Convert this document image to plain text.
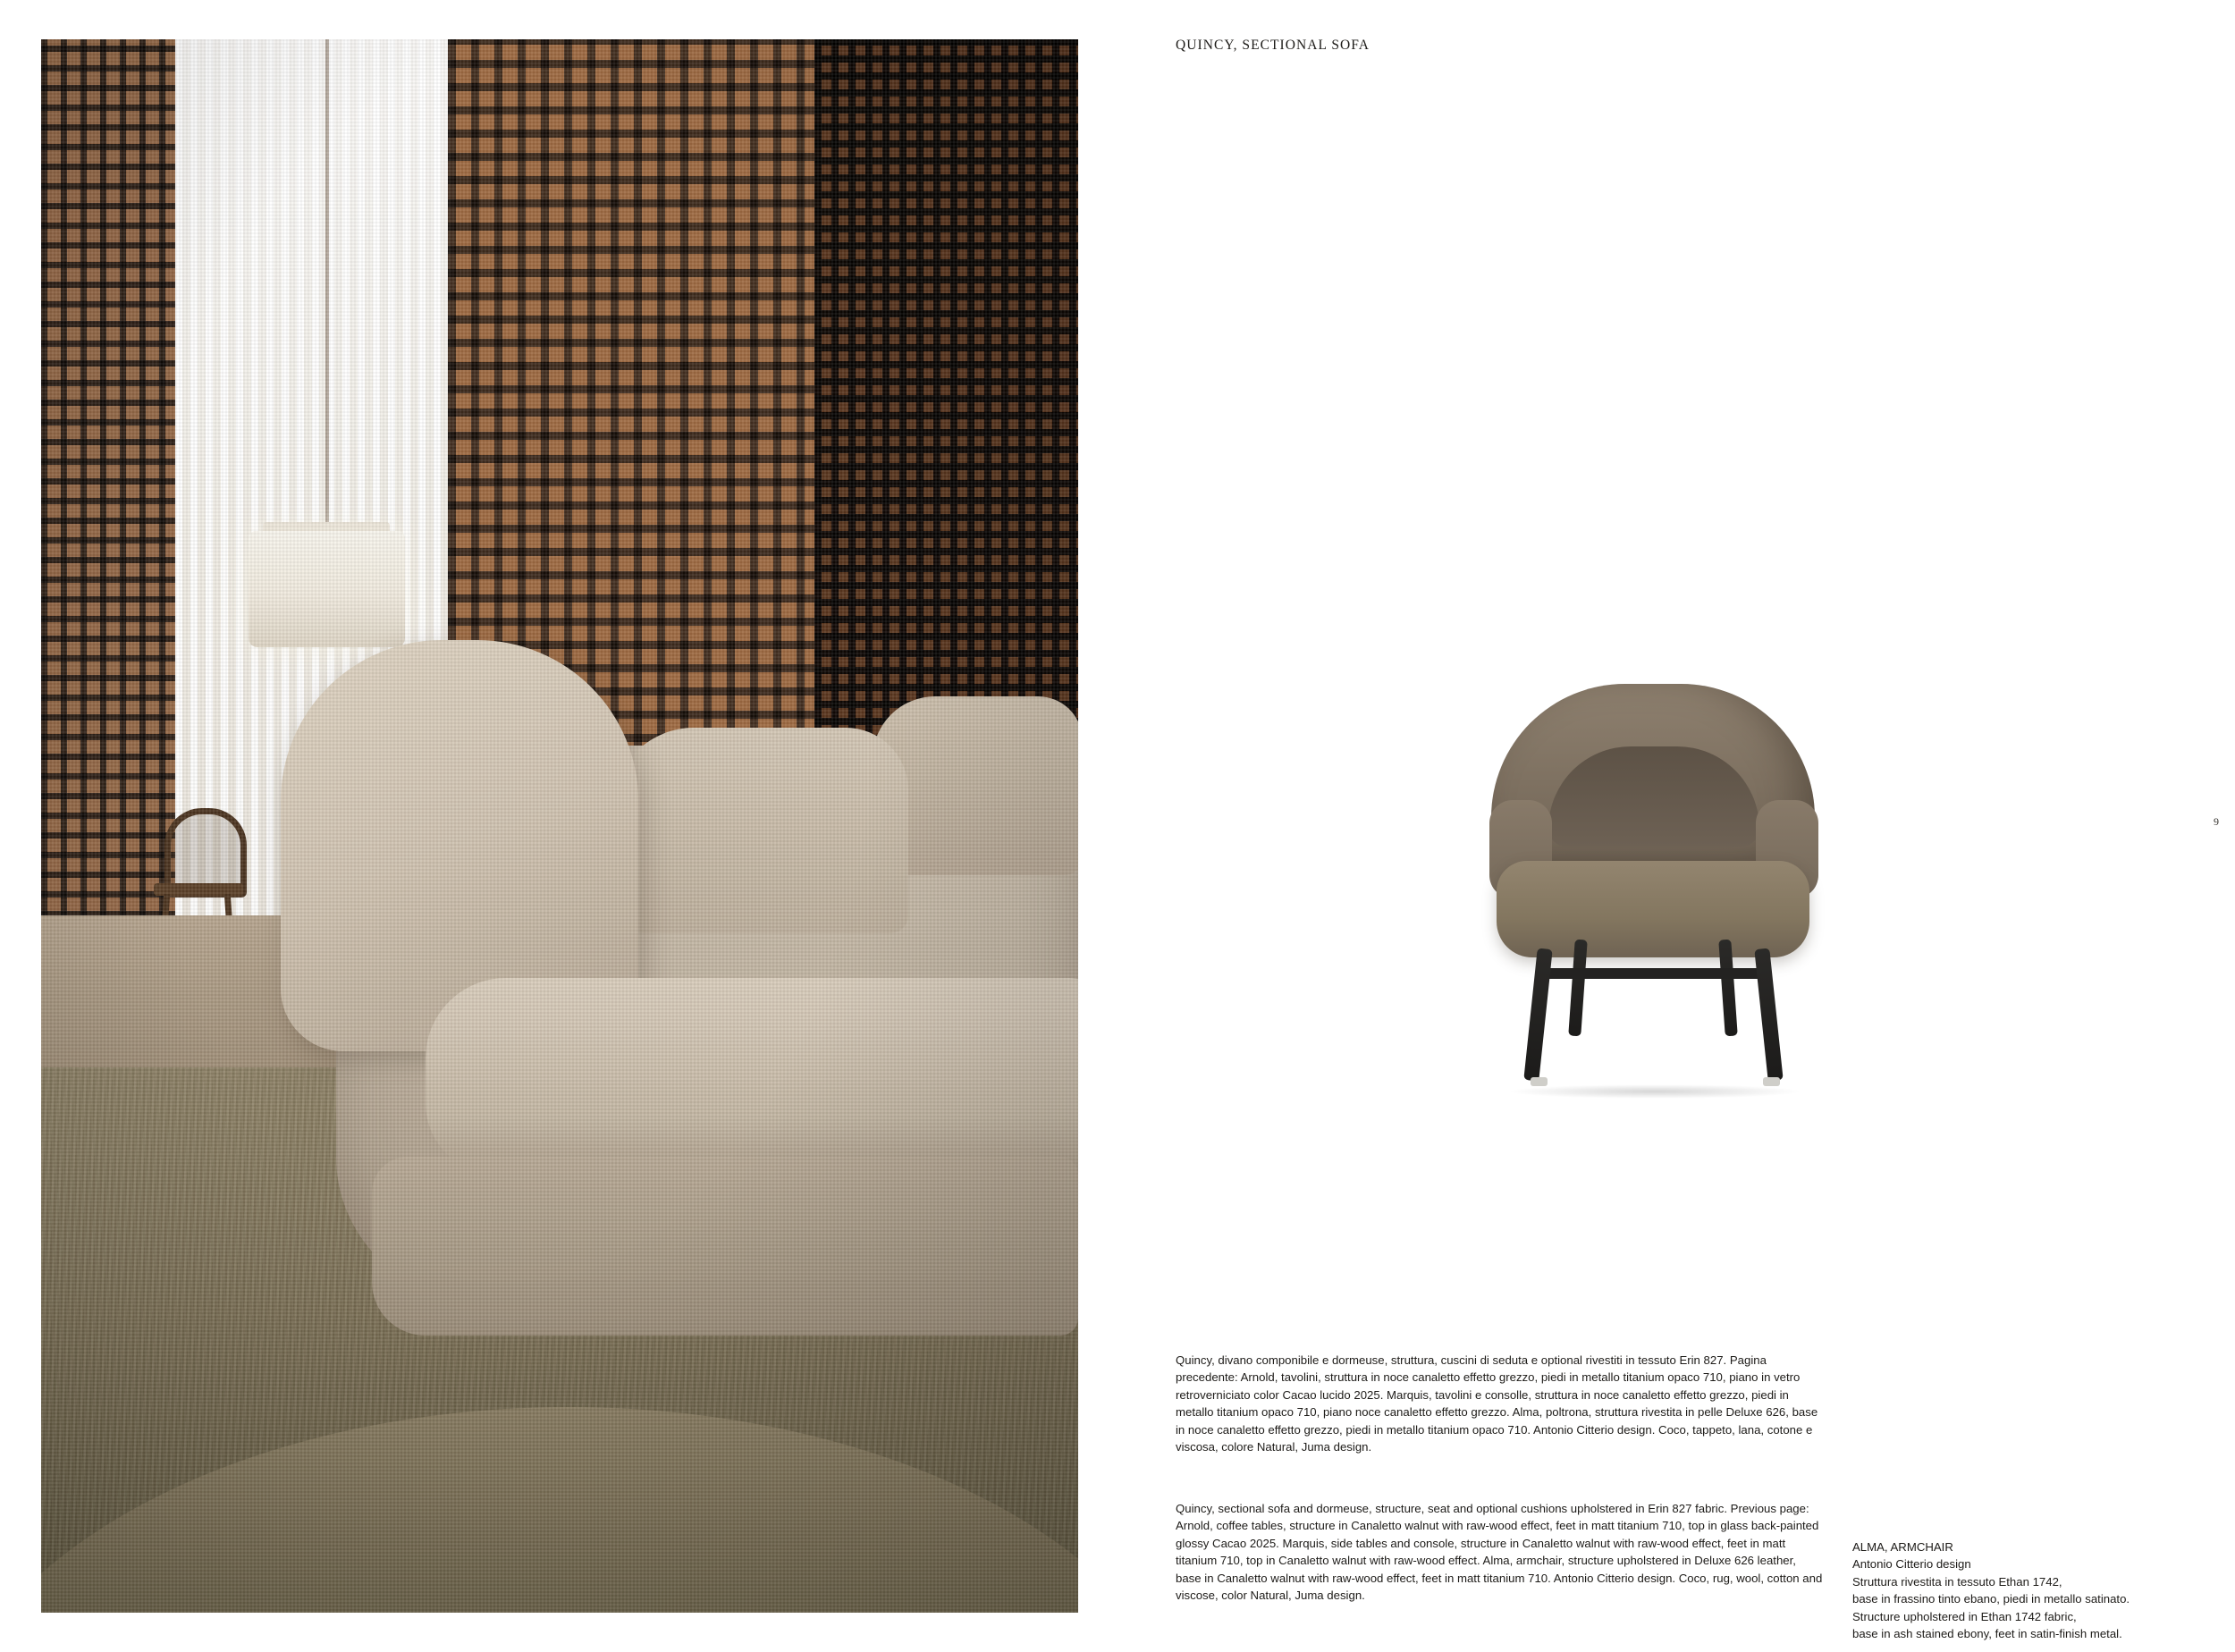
QUINCY, SECTIONAL SOFA
9
Quincy, divano componibile e dormeuse, struttura, cuscini di seduta e optional rivestiti in tessuto Erin 827. Pagina precedente: Arnold, tavolini, struttura in noce canaletto effetto grezzo, piedi in metallo titanium opaco 710, piano in vetro retroverniciato color Cacao lucido 2025. Marquis, tavolini e consolle, struttura in noce canaletto effetto grezzo, piedi in metallo titanium opaco 710, piano noce canaletto effetto grezzo. Alma, poltrona, struttura rivestita in pelle Deluxe 626, base in noce canaletto effetto grezzo, piedi in metallo titanium opaco 710. Antonio Citterio design. Coco, tappeto, lana, cotone e viscosa, colore Natural, Juma design.
Quincy, sectional sofa and dormeuse, structure, seat and optional cushions upholstered in Erin 827 fabric. Previous page: Arnold, coffee tables, structure in Canaletto walnut with raw-wood effect, feet in matt titanium 710, top in glass back-painted glossy Cacao 2025. Marquis, side tables and console, structure in Canaletto walnut with raw-wood effect, feet in matt titanium 710, top in Canaletto walnut with raw-wood effect. Alma, armchair, structure upholstered in Deluxe 626 leather, base in Canaletto walnut with raw-wood effect, feet in matt titanium 710. Antonio Citterio design. Coco, rug, wool, cotton and viscose, color Natural, Juma design.
ALMA, ARMCHAIR
Antonio Citterio design
Struttura rivestita in tessuto Ethan 1742,
base in frassino tinto ebano, piedi in metallo satinato.
Structure upholstered in Ethan 1742 fabric,
base in ash stained ebony, feet in satin-finish metal.
